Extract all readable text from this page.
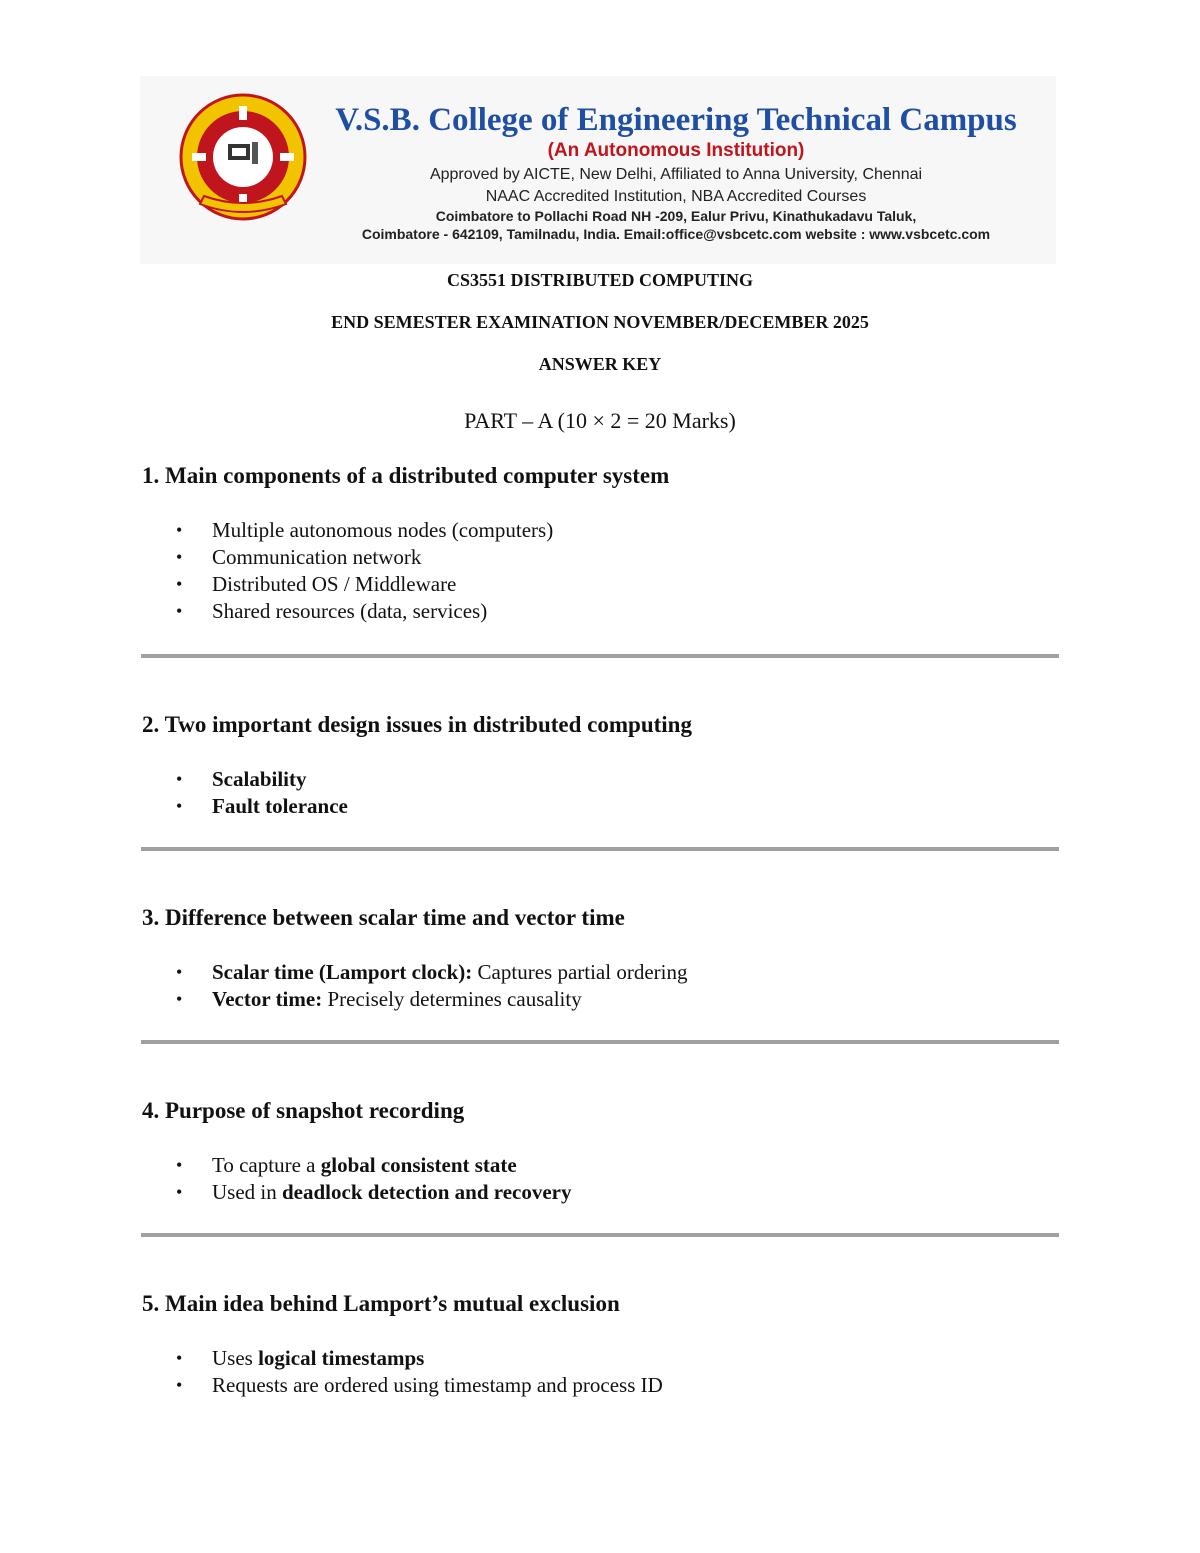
V.S.B. College of Engineering Technical Campus
(An Autonomous Institution)
Approved by AICTE, New Delhi, Affiliated to Anna University, Chennai
NAAC Accredited Institution, NBA Accredited Courses
Coimbatore to Pollachi Road NH -209, Ealur Privu, Kinathukadavu Taluk,
Coimbatore - 642109, Tamilnadu, India. Email:office@vsbcetc.com website : www.vsbcetc.com
CS3551 DISTRIBUTED COMPUTING
END SEMESTER EXAMINATION NOVEMBER/DECEMBER 2025
ANSWER KEY
PART – A (10 × 2 = 20 Marks)
1. Main components of a distributed computer system
• Multiple autonomous nodes (computers)
• Communication network
• Distributed OS / Middleware
• Shared resources (data, services)
2. Two important design issues in distributed computing
• Scalability
• Fault tolerance
3. Difference between scalar time and vector time
• Scalar time (Lamport clock): Captures partial ordering
• Vector time: Precisely determines causality
4. Purpose of snapshot recording
• To capture a global consistent state
• Used in deadlock detection and recovery
5. Main idea behind Lamport’s mutual exclusion
• Uses logical timestamps
• Requests are ordered using timestamp and process ID
